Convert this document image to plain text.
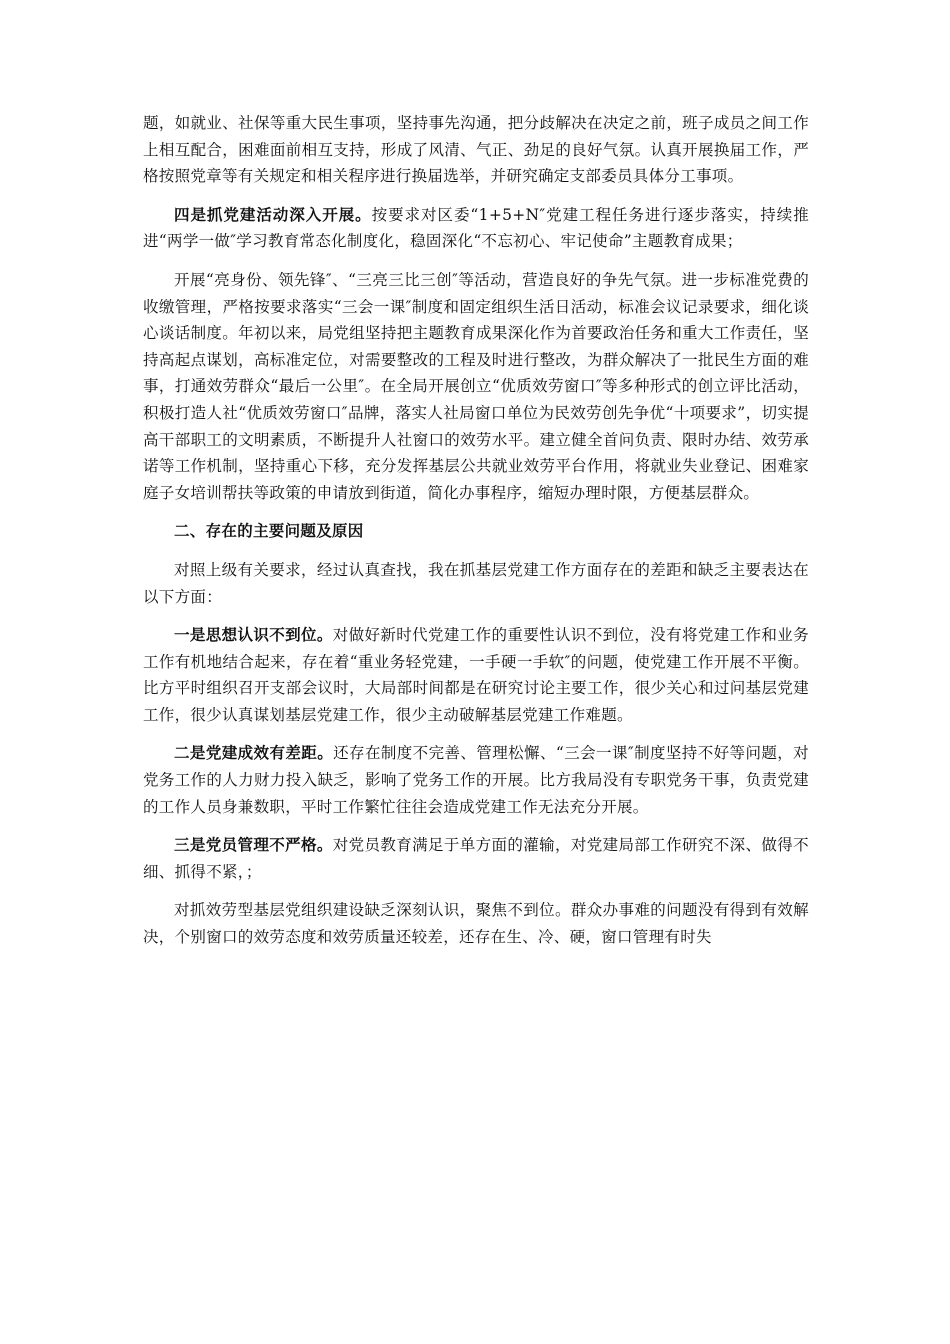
题，如就业、社保等重大民生事项，坚持事先沟通，把分歧解决在决定之前，班子成员之间工作上相互配合，困难面前相互支持，形成了风清、气正、劲足的良好气氛。认真开展换届工作，严格按照党章等有关规定和相关程序进行换届选举，并研究确定支部委员具体分工事项。

四是抓党建活动深入开展。按要求对区委“1+5+N″党建工程任务进行逐步落实，持续推进“两学一做″学习教育常态化制度化，稳固深化“不忘初心、牢记使命”主题教育成果；

开展“亮身份、领先锋″、“三亮三比三创″等活动，营造良好的争先气氛。进一步标准党费的收缴管理，严格按要求落实“三会一课″制度和固定组织生活日活动，标准会议记录要求，细化谈心谈话制度。年初以来，局党组坚持把主题教育成果深化作为首要政治任务和重大工作责任，坚持高起点谋划，高标准定位，对需要整改的工程及时进行整改，为群众解决了一批民生方面的难事，打通效劳群众“最后一公里″。在全局开展创立“优质效劳窗口″等多种形式的创立评比活动，积极打造人社“优质效劳窗口″品牌，落实人社局窗口单位为民效劳创先争优“十项要求”，切实提高干部职工的文明素质，不断提升人社窗口的效劳水平。建立健全首问负责、限时办结、效劳承诺等工作机制，坚持重心下移，充分发挥基层公共就业效劳平台作用，将就业失业登记、困难家庭子女培训帮扶等政策的申请放到街道，简化办事程序，缩短办理时限，方便基层群众。

二、存在的主要问题及原因

对照上级有关要求，经过认真查找，我在抓基层党建工作方面存在的差距和缺乏主要表达在以下方面：

一是思想认识不到位。对做好新时代党建工作的重要性认识不到位，没有将党建工作和业务工作有机地结合起来，存在着“重业务轻党建，一手硬一手软″的问题，使党建工作开展不平衡。比方平时组织召开支部会议时，大局部时间都是在研究讨论主要工作，很少关心和过问基层党建工作，很少认真谋划基层党建工作，很少主动破解基层党建工作难题。

二是党建成效有差距。还存在制度不完善、管理松懈、“三会一课″制度坚持不好等问题，对党务工作的人力财力投入缺乏，影响了党务工作的开展。比方我局没有专职党务干事，负责党建的工作人员身兼数职，平时工作繁忙往往会造成党建工作无法充分开展。

三是党员管理不严格。对党员教育满足于单方面的灌输，对党建局部工作研究不深、做得不细、抓得不紧，；

对抓效劳型基层党组织建设缺乏深刻认识，聚焦不到位。群众办事难的问题没有得到有效解决，个别窗口的效劳态度和效劳质量还较差，还存在生、冷、硬，窗口管理有时失
